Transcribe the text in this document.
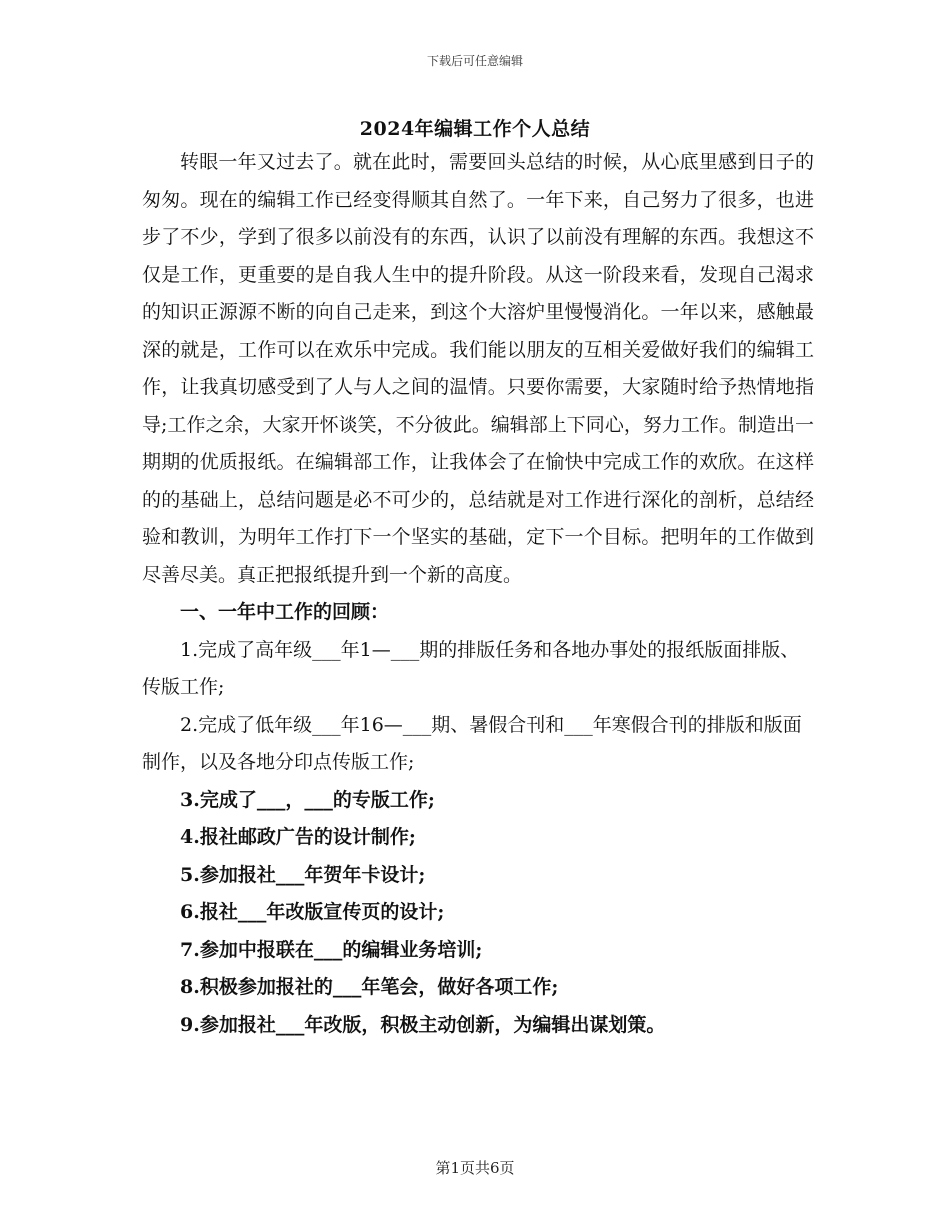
下载后可任意编辑
2024年编辑工作个人总结

转眼一年又过去了。就在此时，需要回头总结的时候，从心底里感到日子的匆匆。现在的编辑工作已经变得顺其自然了。一年下来，自己努力了很多，也进步了不少，学到了很多以前没有的东西，认识了以前没有理解的东西。我想这不仅是工作，更重要的是自我人生中的提升阶段。从这一阶段来看，发现自己渴求的知识正源源不断的向自己走来，到这个大溶炉里慢慢消化。一年以来，感触最深的就是，工作可以在欢乐中完成。我们能以朋友的互相关爱做好我们的编辑工作，让我真切感受到了人与人之间的温情。只要你需要，大家随时给予热情地指导;工作之余，大家开怀谈笑，不分彼此。编辑部上下同心，努力工作。制造出一期期的优质报纸。在编辑部工作，让我体会了在愉快中完成工作的欢欣。在这样的的基础上，总结问题是必不可少的，总结就是对工作进行深化的剖析，总结经验和教训，为明年工作打下一个坚实的基础，定下一个目标。把明年的工作做到尽善尽美。真正把报纸提升到一个新的高度。

一、一年中工作的回顾：

1.完成了高年级___年1—___期的排版任务和各地办事处的报纸版面排版、传版工作;

2.完成了低年级___年16—___期、暑假合刊和___年寒假合刊的排版和版面制作，以及各地分印点传版工作;

3.完成了___，___的专版工作;

4.报社邮政广告的设计制作;

5.参加报社___年贺年卡设计;

6.报社___年改版宣传页的设计;

7.参加中报联在___的编辑业务培训;

8.积极参加报社的___年笔会，做好各项工作;

9.参加报社___年改版，积极主动创新，为编辑出谋划策。

第1页共6页
